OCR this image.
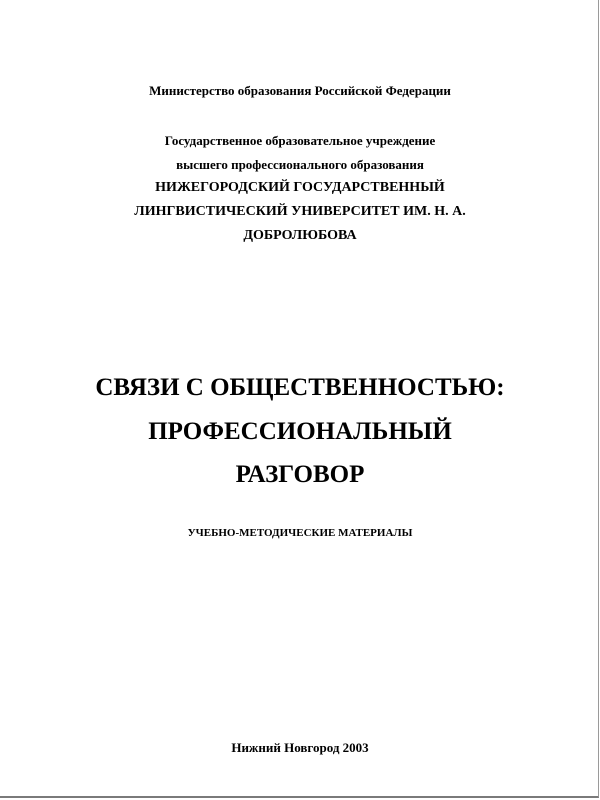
Министерство образования Российской Федерации
Государственное образовательное учреждение
высшего профессионального образования
НИЖЕГОРОДСКИЙ ГОСУДАРСТВЕННЫЙ
ЛИНГВИСТИЧЕСКИЙ УНИВЕРСИТЕТ ИМ. Н. А.
ДОБРОЛЮБОВА
СВЯЗИ С ОБЩЕСТВЕННОСТЬЮ:
ПРОФЕССИОНАЛЬНЫЙ
РАЗГОВОР
УЧЕБНО-МЕТОДИЧЕСКИЕ МАТЕРИАЛЫ
Нижний Новгород 2003
